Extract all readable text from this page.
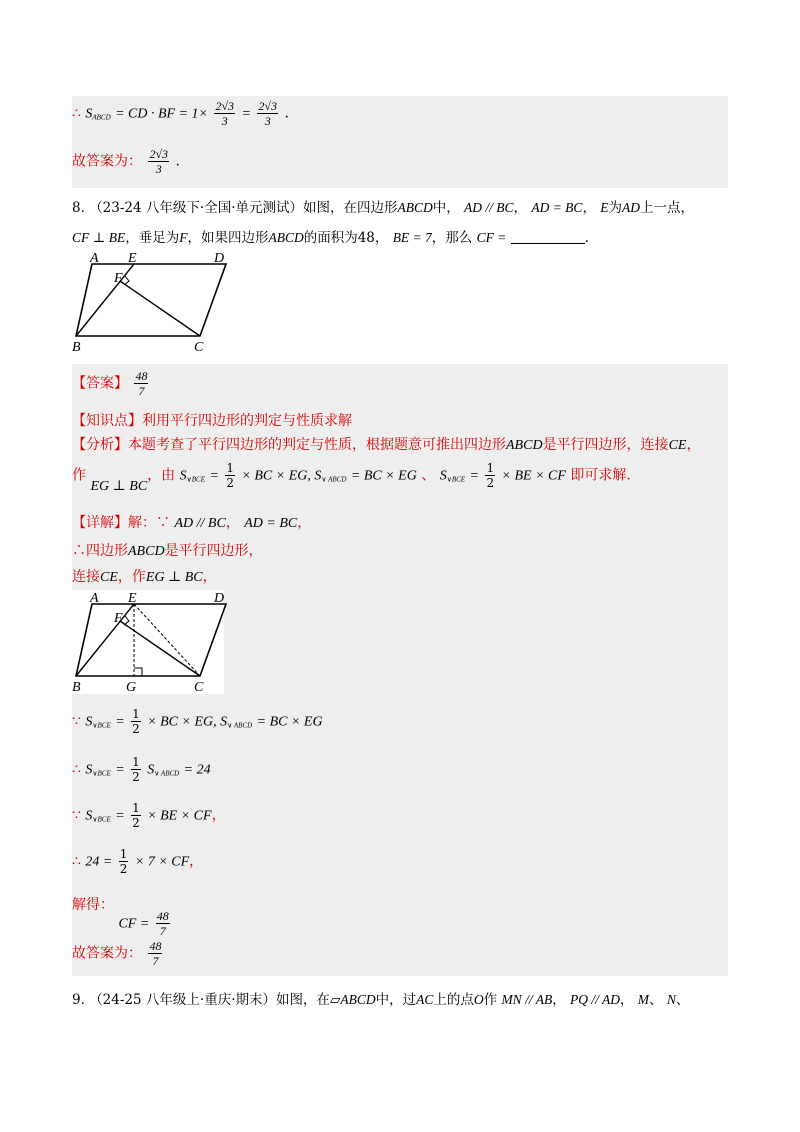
∴ $S_{ABCD}$ = CD · BF = $1\times \frac{2√3}{3} = \frac{2√3}{3}$ .
故答案为： $\frac{2√3}{3}$ .
8. （23-24 八年级下·全国·单元测试）如图，在四边形ABCD中， AD // BC， AD = BC， E为AD上一点，
CF ⊥ BE，垂足为F，如果四边形ABCD的面积为48， BE = 7，那么 CF =	.
A E	D
F
B	C
【答案】 $\frac{48}{7}$
【知识点】利用平行四边形的判定与性质求解
【分析】本题考查了平行四边形的判定与性质，根据题意可推出四边形ABCD是平行四边形，连接CE，
作 EG ⊥ BC，由 $S_{\vee BCE} = \frac{1}{2}$ × BC × EG, $S_{\vee ABCD}$ = BC × EG 、 $S_{\vee BCE} = \frac{1}{2}$ × BE × CF 即可求解.
【详解】解：∵ AD // BC， AD = BC，
∴四边形ABCD是平行四边形，
连接CE，作EG ⊥ BC，
A E	D
F
B	G	C
∵ $S_{\vee BCE} = \frac{1}{2}$ × BC × EG, $S_{\vee ABCD}$ = BC × EG
∴ $S_{\vee BCE} = \frac{1}{2} S_{\vee ABCD} = 24$
∵ $S_{\vee BCE} = \frac{1}{2}$ × BE × CF，
∴ $24 = \frac{1}{2} \times 7$ × CF，
解得： CF = $\frac{48}{7}$
故答案为： $\frac{48}{7}$
9. （24-25 八年级上·重庆·期末）如图，在▱ABCD中，过AC上的点O作 MN // AB， PQ // AD， M、 N、
